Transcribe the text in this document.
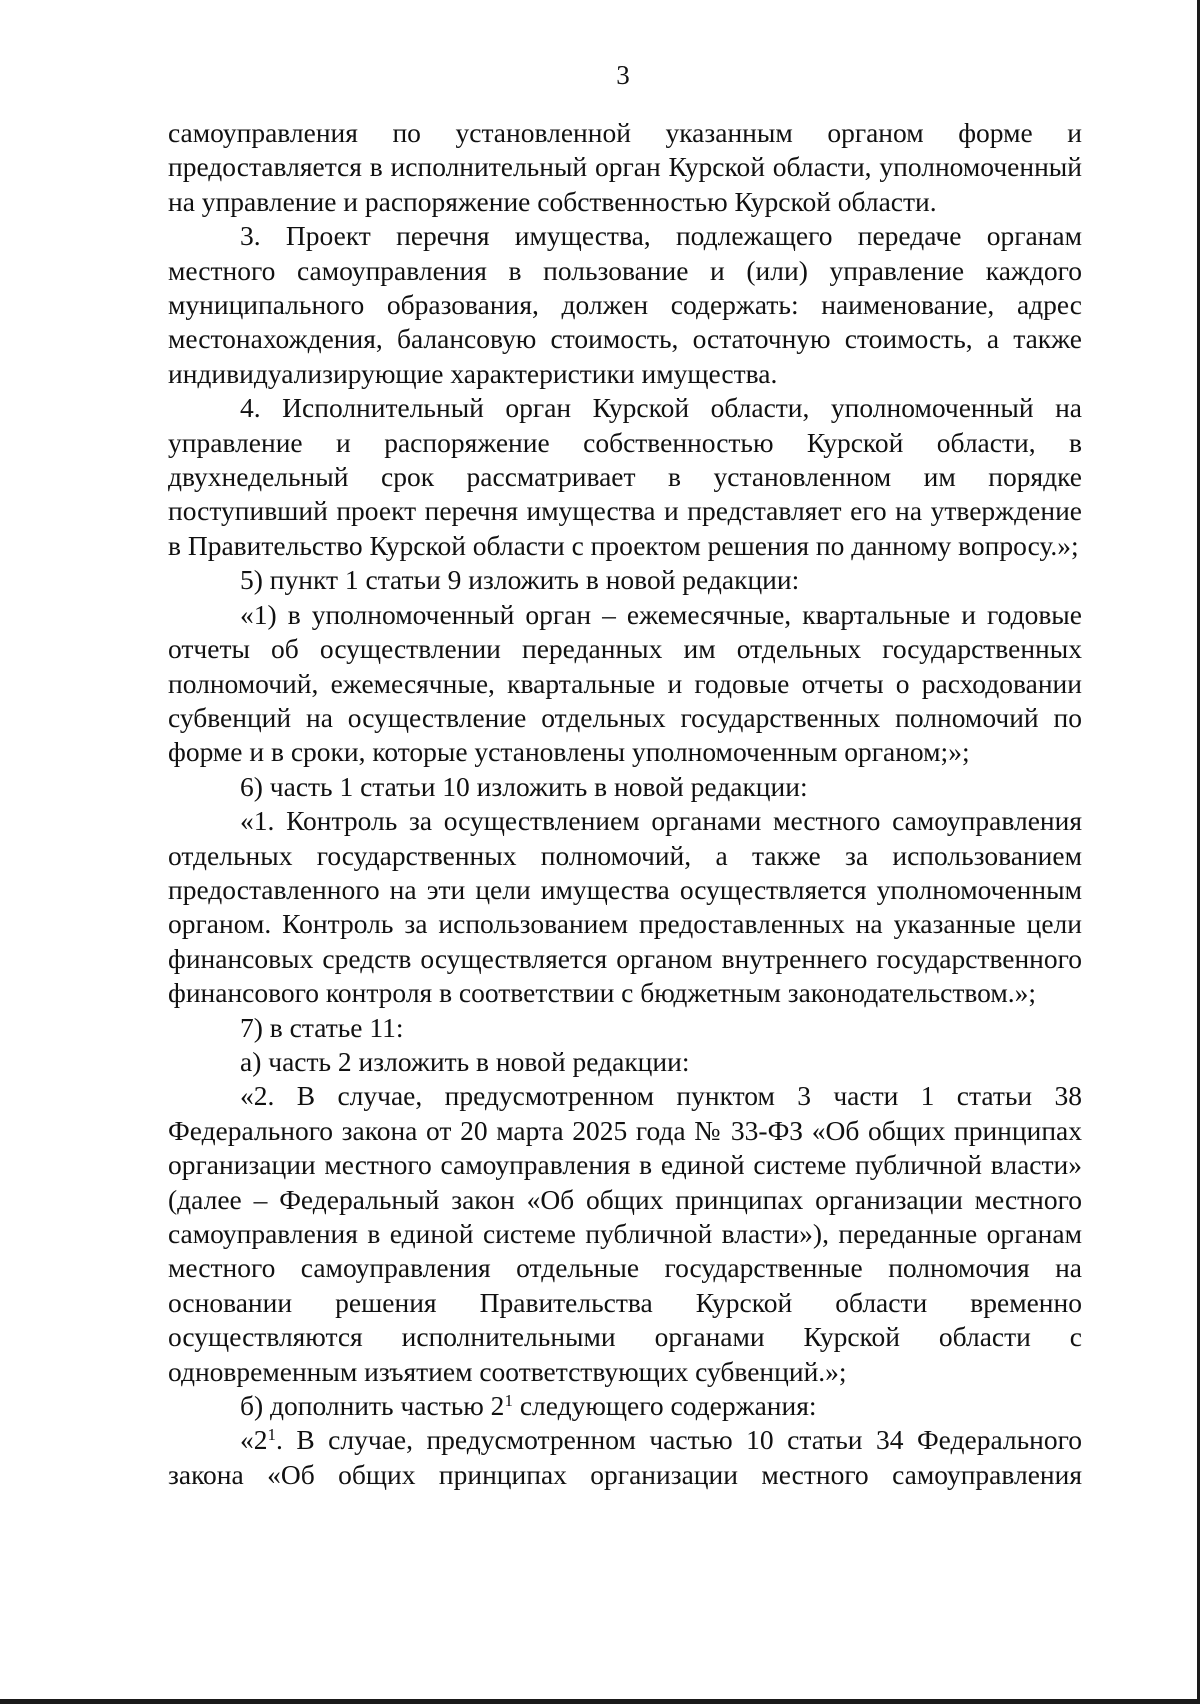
3

самоуправления по установленной указанным органом форме и предоставляется в исполнительный орган Курской области, уполномоченный на управление и распоряжение собственностью Курской области.

3. Проект перечня имущества, подлежащего передаче органам местного самоуправления в пользование и (или) управление каждого муниципального образования, должен содержать: наименование, адрес местонахождения, балансовую стоимость, остаточную стоимость, а также индивидуализирующие характеристики имущества.

4. Исполнительный орган Курской области, уполномоченный на управление и распоряжение собственностью Курской области, в двухнедельный срок рассматривает в установленном им порядке поступивший проект перечня имущества и представляет его на утверждение в Правительство Курской области с проектом решения по данному вопросу.»;

5) пункт 1 статьи 9 изложить в новой редакции:

«1) в уполномоченный орган – ежемесячные, квартальные и годовые отчеты об осуществлении переданных им отдельных государственных полномочий, ежемесячные, квартальные и годовые отчеты о расходовании субвенций на осуществление отдельных государственных полномочий по форме и в сроки, которые установлены уполномоченным органом;»;

6) часть 1 статьи 10 изложить в новой редакции:

«1. Контроль за осуществлением органами местного самоуправления отдельных государственных полномочий, а также за использованием предоставленного на эти цели имущества осуществляется уполномоченным органом. Контроль за использованием предоставленных на указанные цели финансовых средств осуществляется органом внутреннего государственного финансового контроля в соответствии с бюджетным законодательством.»;

7) в статье 11:

а) часть 2 изложить в новой редакции:

«2. В случае, предусмотренном пунктом 3 части 1 статьи 38 Федерального закона от 20 марта 2025 года № 33-ФЗ «Об общих принципах организации местного самоуправления в единой системе публичной власти» (далее – Федеральный закон «Об общих принципах организации местного самоуправления в единой системе публичной власти»), переданные органам местного самоуправления отдельные государственные полномочия на основании решения Правительства Курской области временно осуществляются исполнительными органами Курской области с одновременным изъятием соответствующих субвенций.»;

б) дополнить частью $2^1$ следующего содержания:

«$2^1$. В случае, предусмотренном частью 10 статьи 34 Федерального закона «Об общих принципах организации местного самоуправления
